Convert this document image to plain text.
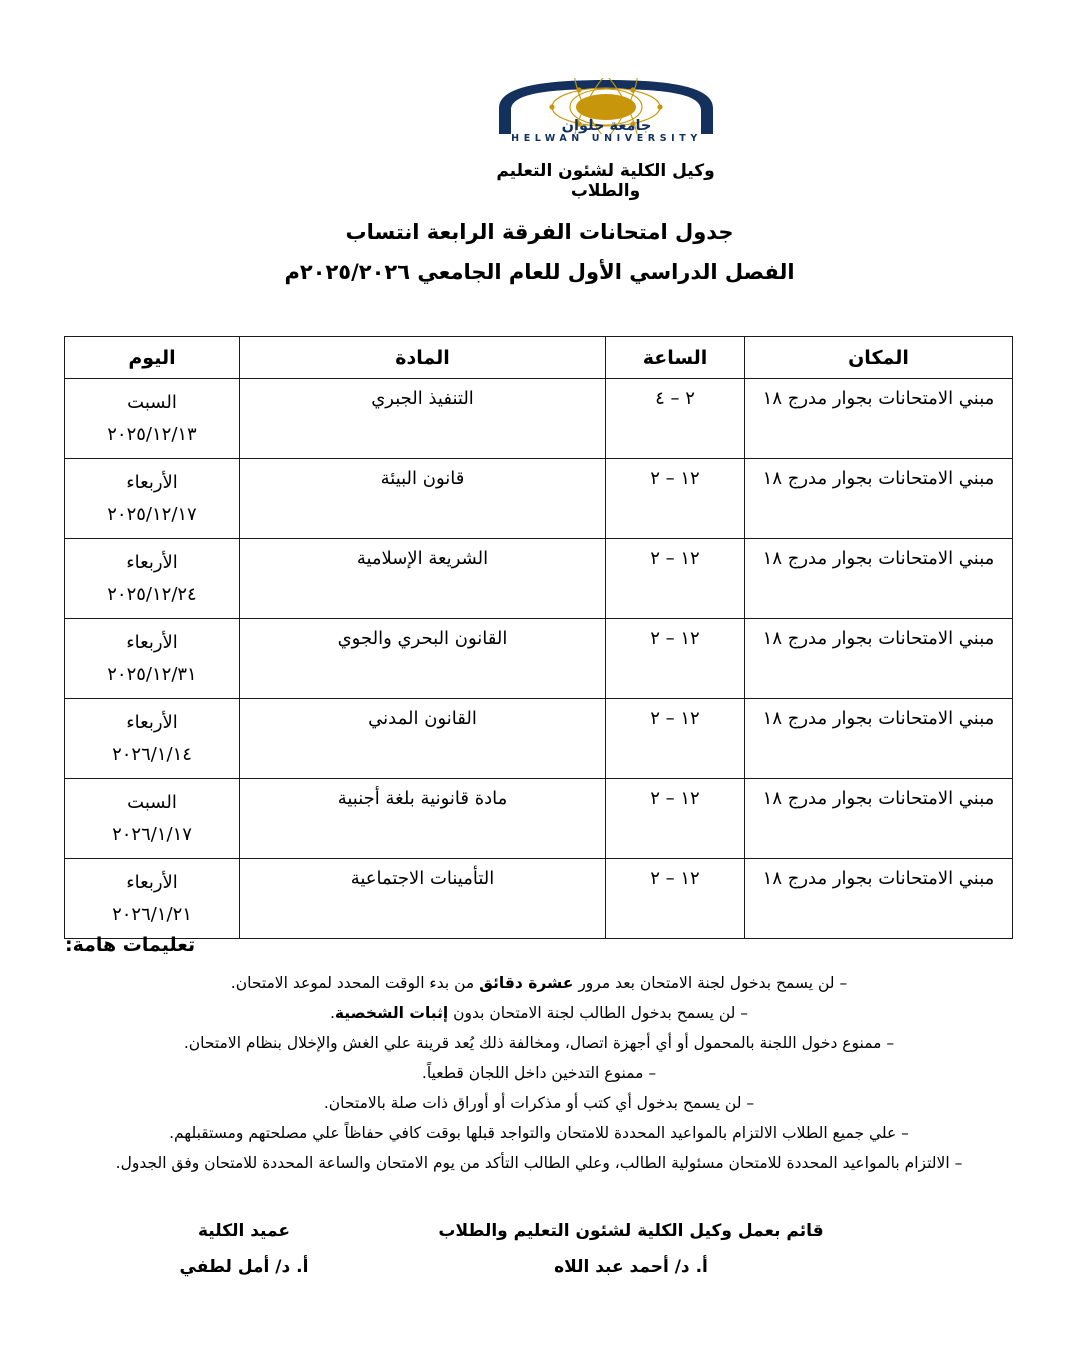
جامعة حلوان
HELWAN UNIVERSITY
وكيل الكلية لشئون التعليم والطلاب
جدول امتحانات الفرقة الرابعة انتساب
الفصل الدراسي الأول للعام الجامعي ٢٠٢٥/٢٠٢٦م
المكان	الساعة	المادة	اليوم
مبني الامتحانات بجوار مدرج ١٨	٢ – ٤	التنفيذ الجبري	السبت
٢٠٢٥/١٢/١٣

مبني الامتحانات بجوار مدرج ١٨	١٢ – ٢	قانون البيئة	الأربعاء
٢٠٢٥/١٢/١٧

مبني الامتحانات بجوار مدرج ١٨	١٢ – ٢	الشريعة الإسلامية	الأربعاء
٢٠٢٥/١٢/٢٤

مبني الامتحانات بجوار مدرج ١٨	١٢ – ٢	القانون البحري والجوي	الأربعاء
٢٠٢٥/١٢/٣١

مبني الامتحانات بجوار مدرج ١٨	١٢ – ٢	القانون المدني	الأربعاء
٢٠٢٦/١/١٤

مبني الامتحانات بجوار مدرج ١٨	١٢ – ٢	مادة قانونية بلغة أجنبية	السبت
٢٠٢٦/١/١٧

مبني الامتحانات بجوار مدرج ١٨	١٢ – ٢	التأمينات الاجتماعية	الأربعاء
٢٠٢٦/١/٢١
تعليمات هامة:
– لن يسمح بدخول لجنة الامتحان بعد مرور عشرة دقائق من بدء الوقت المحدد لموعد الامتحان.
– لن يسمح بدخول الطالب لجنة الامتحان بدون إثبات الشخصية.
– ممنوع دخول اللجنة بالمحمول أو أي أجهزة اتصال، ومخالفة ذلك يُعد قرينة علي الغش والإخلال بنظام الامتحان.
– ممنوع التدخين داخل اللجان قطعياً.
– لن يسمح بدخول أي كتب أو مذكرات أو أوراق ذات صلة بالامتحان.
– علي جميع الطلاب الالتزام بالمواعيد المحددة للامتحان والتواجد قبلها بوقت كافي حفاظاً علي مصلحتهم ومستقبلهم.
– الالتزام بالمواعيد المحددة للامتحان مسئولية الطالب، وعلي الطالب التأكد من يوم الامتحان والساعة المحددة للامتحان وفق الجدول.
قائم بعمل وكيل الكلية لشئون التعليم والطلاب
أ. د/ أحمد عبد اللاه
عميد الكلية
أ. د/ أمل لطفي
